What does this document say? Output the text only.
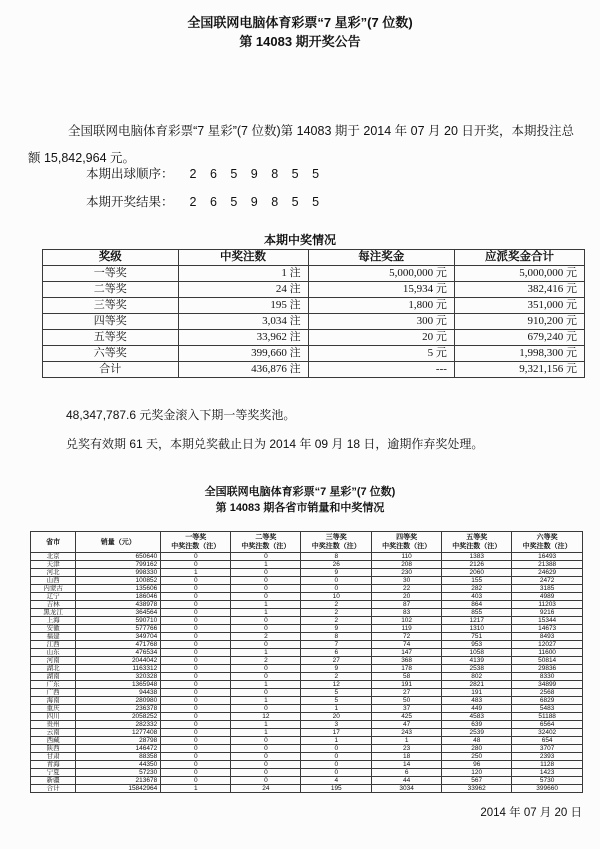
全国联网电脑体育彩票“7 星彩”(7 位数)
第 14083 期开奖公告

全国联网电脑体育彩票“7 星彩”(7 位数)第 14083 期于 2014 年 07 月 20 日开奖，本期投注总额 15,842,964 元。

本期出球顺序： 2 6 5 9 8 5 5
本期开奖结果： 2 6 5 9 8 5 5
本期中奖情况
奖级	中奖注数	每注奖金	应派奖金合计

一等奖	1 注	5,000,000 元	5,000,000 元
二等奖	24 注	15,934 元	382,416 元
三等奖	195 注	1,800 元	351,000 元
四等奖	3,034 注	300 元	910,200 元
五等奖	33,962 注	20 元	679,240 元
六等奖	399,660 注	5 元	1,998,300 元
合计	436,876 注	---	9,321,156 元

48,347,787.6 元奖金滚入下期一等奖奖池。

兑奖有效期 61 天，本期兑奖截止日为 2014 年 09 月 18 日，逾期作弃奖处理。

全国联网电脑体育彩票“7 星彩”(7 位数)
第 14083 期各省市销量和中奖情况
省市	销量（元）

一等奖
中奖注数（注）

二等奖
中奖注数（注）

三等奖
中奖注数（注）

四等奖
中奖注数（注）

五等奖
中奖注数（注）

六等奖
中奖注数（注）

北京	650640	0	0	8	110	1383	16493
天津	799162	0	1	26	208	2126	21388
河北	998330	1	0	9	230	2060	24629
山西	100852	0	0	0	30	155	2472
内蒙古	135606	0	0	0	22	282	3185
辽宁	186046	0	0	10	20	403	4989
吉林	438978	0	1	2	87	864	11203
黑龙江	364564	0	1	2	83	855	9216
上海	590710	0	0	2	102	1217	15344
安徽	577766	0	0	9	119	1310	14673
福建	349704	0	2	8	72	751	8493
江西	471768	0	0	7	74	953	12027
山东	476534	0	1	6	147	1058	11600
河南	2044042	0	2	27	368	4139	50814
湖北	1163312	0	0	9	178	2538	29836
湖南	320328	0	0	2	58	802	8330
广东	1365948	0	1	12	191	2821	34899
广西	94438	0	0	5	27	191	2568
海南	280980	0	1	5	50	483	6829
重庆	236378	0	0	1	37	449	5483
四川	2058252	0	12	20	425	4583	51188
贵州	282332	0	1	3	47	639	6564
云南	1277408	0	1	17	243	2539	32402
西藏	28798	0	0	1	1	48	654
陕西	146472	0	0	0	23	280	3707
甘肃	88358	0	0	0	18	250	2393
青海	44350	0	0	0	14	96	1128
宁夏	57230	0	0	0	6	120	1423
新疆	213678	0	0	4	44	567	5730
合计	15842964	1	24	195	3034	33962	399660
2014 年 07 月 20 日
